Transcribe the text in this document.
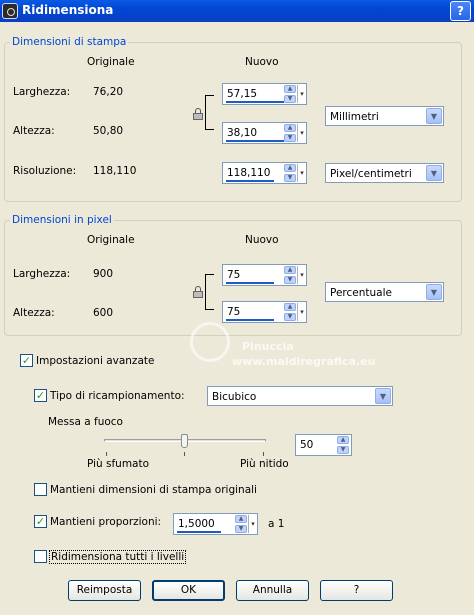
Ridimensiona	?
Dimensioni di stampa
Originale	Nuovo
Larghezza: 76,20	57,15	▲
▼
▾
Altezza:	50,80	38,10	▲
▼
▾
Millimetri	▼
Risoluzione: 118,110	118,110	▲
▼
▾	Pixel/centimetri	▼
Dimensioni in pixel
Originale	Nuovo
Larghezza: 900	75	▲
▼
▾
Altezza:	600	75	▲
▼
▾
Percentuale	▼
Pinuccia
www.maidiregrafica.eu
✓ Impostazioni avanzate
✓ Tipo di ricampionamento:	Bicubico	▼
Messa a fuoco
Più sfumato	Più nitido
50	▲
▼
Mantieni dimensioni di stampa originali
✓ Mantieni proporzioni: 1,5000	▲
▼
▾ a 1
Ridimensiona tutti i livelli
Reimposta	OK	Annulla	?
